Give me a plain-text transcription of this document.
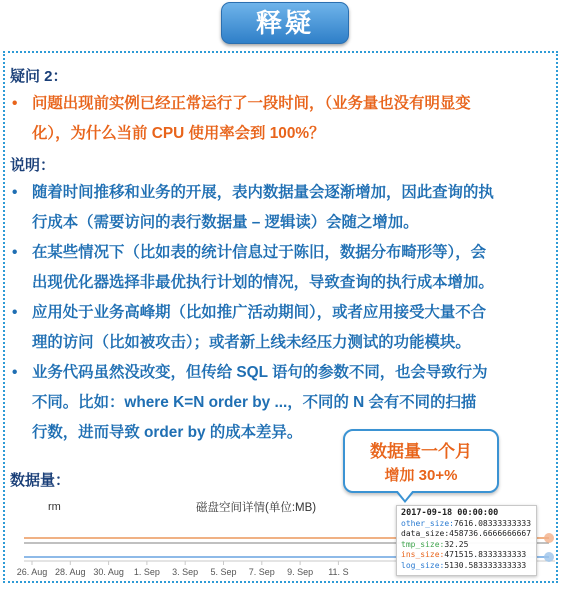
释疑
疑问 2：
• 问题出现前实例已经正常运行了一段时间，（业务量也没有明显变
化），为什么当前 CPU 使用率会到 100%？
说明：
• 随着时间推移和业务的开展，表内数据量会逐渐增加，因此查询的执
行成本（需要访问的表行数据量 – 逻辑读）会随之增加。
• 在某些情况下（比如表的统计信息过于陈旧，数据分布畸形等），会
出现优化器选择非最优执行计划的情况，导致查询的执行成本增加。
• 应用处于业务高峰期（比如推广活动期间），或者应用接受大量不合
理的访问（比如被攻击）；或者新上线未经压力测试的功能模块。
• 业务代码虽然没改变，但传给 SQL 语句的参数不同，也会导致行为
不同。比如：where K=N order by ...，不同的 N 会有不同的扫描
行数，进而导致 order by 的成本差异。
数据量：
rm	磁盘空间详情(单位:MB)
26. Aug 28. Aug 30. Aug 1. Sep 3. Sep 5. Sep 7. Sep 9. Sep 11. S
数据量一个月
增加 30+%
2017-09-18 00:00:00
other_size:7616.08333333333
data_size:458736.6666666667
tmp_size:32.25
ins_size:471515.8333333333
log_size:5130.583333333333
